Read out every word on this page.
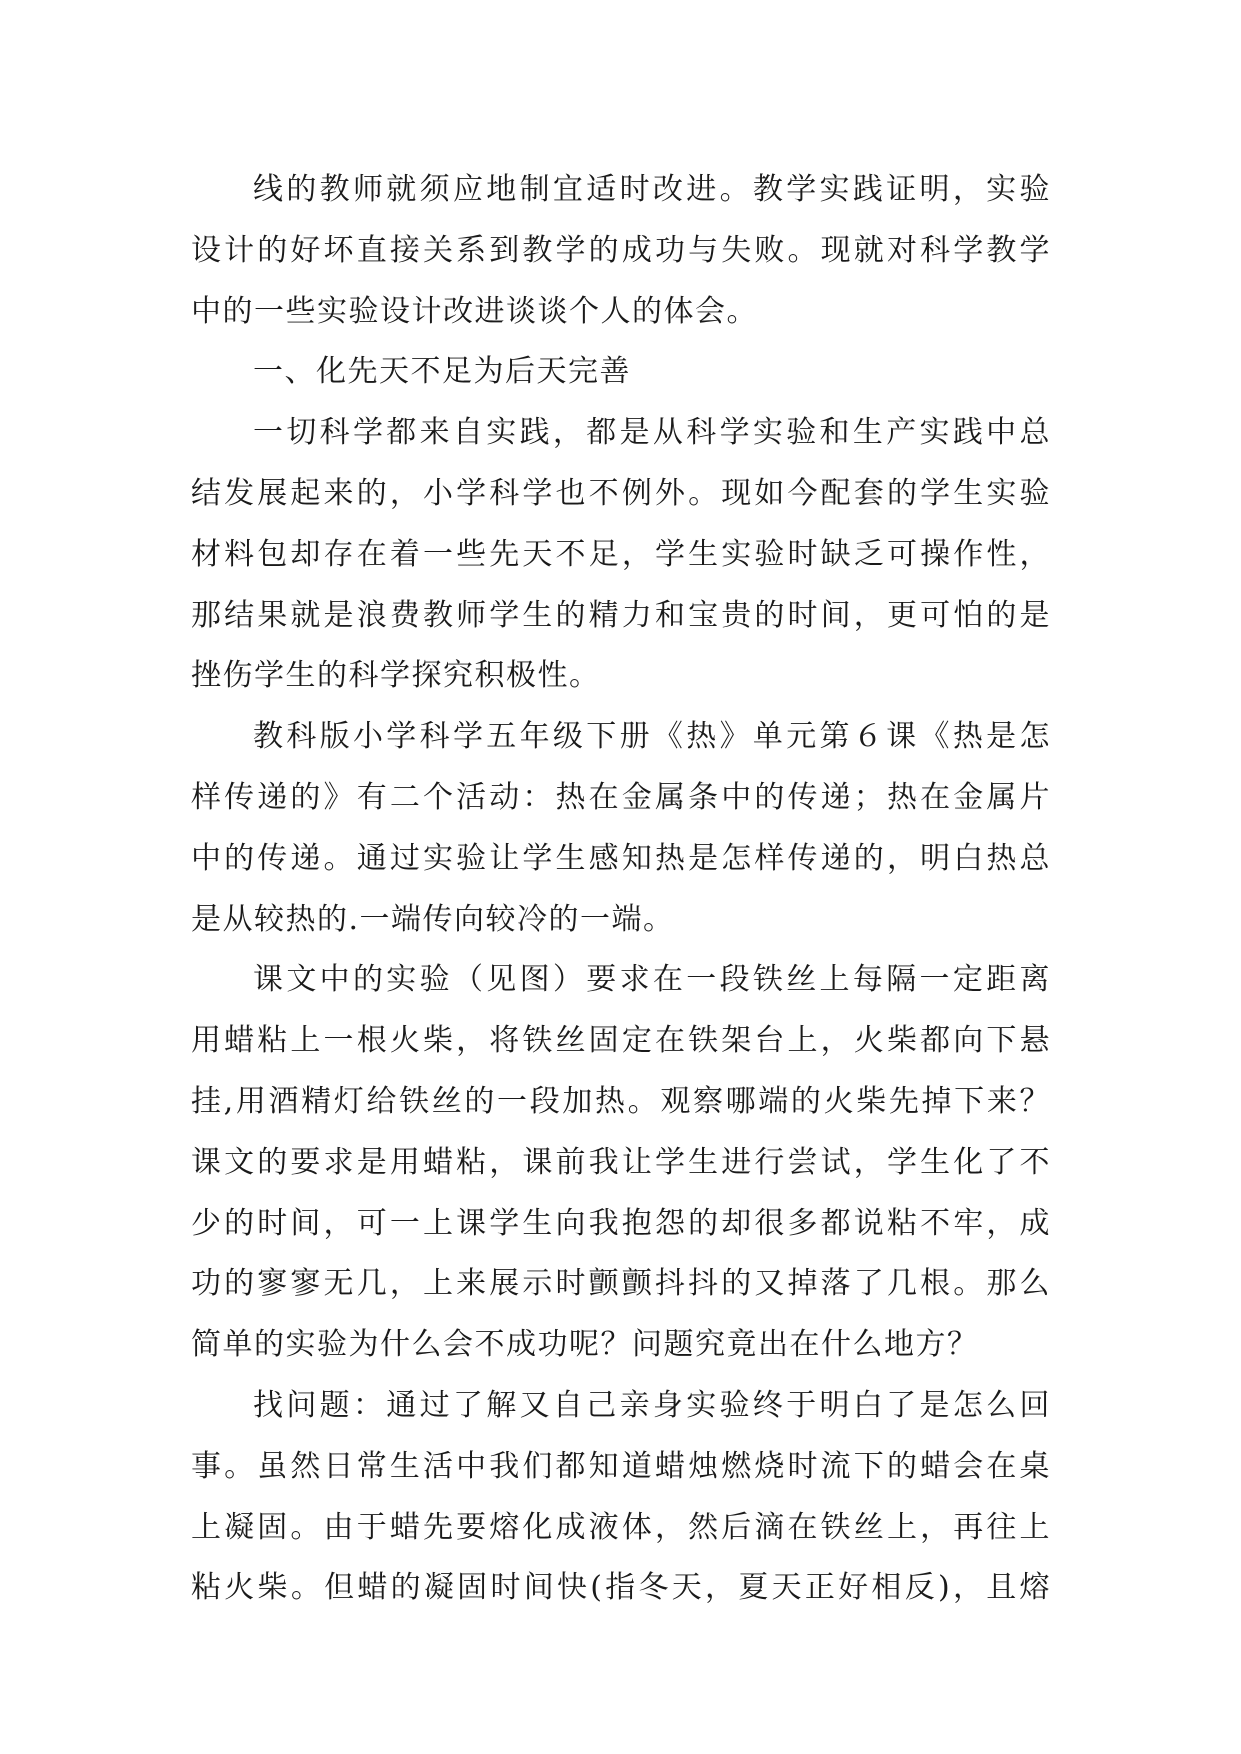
线的教师就须应地制宜适时改进。教学实践证明，实验
设计的好坏直接关系到教学的成功与失败。现就对科学教学
中的一些实验设计改进谈谈个人的体会。
一、化先天不足为后天完善
一切科学都来自实践，都是从科学实验和生产实践中总
结发展起来的，小学科学也不例外。现如今配套的学生实验
材料包却存在着一些先天不足，学生实验时缺乏可操作性，
那结果就是浪费教师学生的精力和宝贵的时间，更可怕的是
挫伤学生的科学探究积极性。
教科版小学科学五年级下册《热》单元第６课《热是怎
样传递的》有二个活动：热在金属条中的传递；热在金属片
中的传递。通过实验让学生感知热是怎样传递的，明白热总
是从较热的.一端传向较冷的一端。
课文中的实验（见图）要求在一段铁丝上每隔一定距离
用蜡粘上一根火柴，将铁丝固定在铁架台上，火柴都向下悬
挂,用酒精灯给铁丝的一段加热。观察哪端的火柴先掉下来？
课文的要求是用蜡粘，课前我让学生进行尝试，学生化了不
少的时间，可一上课学生向我抱怨的却很多都说粘不牢，成
功的寥寥无几，上来展示时颤颤抖抖的又掉落了几根。那么
简单的实验为什么会不成功呢？问题究竟出在什么地方？
找问题：通过了解又自己亲身实验终于明白了是怎么回
事。虽然日常生活中我们都知道蜡烛燃烧时流下的蜡会在桌
上凝固。由于蜡先要熔化成液体，然后滴在铁丝上，再往上
粘火柴。但蜡的凝固时间快(指冬天，夏天正好相反)，且熔
